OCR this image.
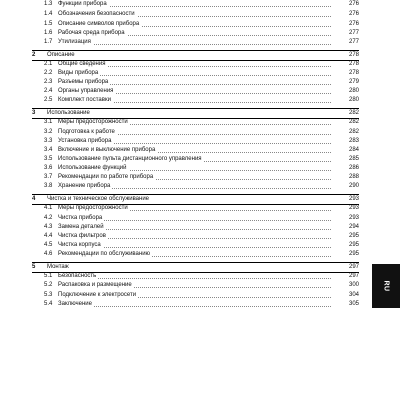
1.3 Функции прибора	276
1.4 Обозначения безопасности	276
1.5 Описание символов прибора	276
1.6 Рабочая среда прибора	277
1.7 Утилизация	277
2 Описание	278
2.1 Общие сведения	278
2.2 Виды прибора	278
2.3 Разъемы прибора	279
2.4 Органы управления	280
2.5 Комплект поставки	280
3 Использование	282
3.1 Меры предосторожности	282
3.2 Подготовка к работе	282
3.3 Установка прибора	283
3.4 Включение и выключение прибора	284
3.5 Использование пульта дистанционного управления	285
3.6 Использование функций	286
3.7 Рекомендации по работе прибора	288
3.8 Хранение прибора	290
4 Чистка и техническое обслуживание	293
4.1 Меры предосторожности	293
4.2 Чистка прибора	293
4.3 Замена деталей	294
4.4 Чистка фильтров	295
4.5 Чистка корпуса	295
4.6 Рекомендации по обслуживанию	295
5 Монтаж	297
5.1 Безопасность	297
5.2 Распаковка и размещение	300
5.3 Подключение к электросети	304
5.4 Заключение	305
RU
